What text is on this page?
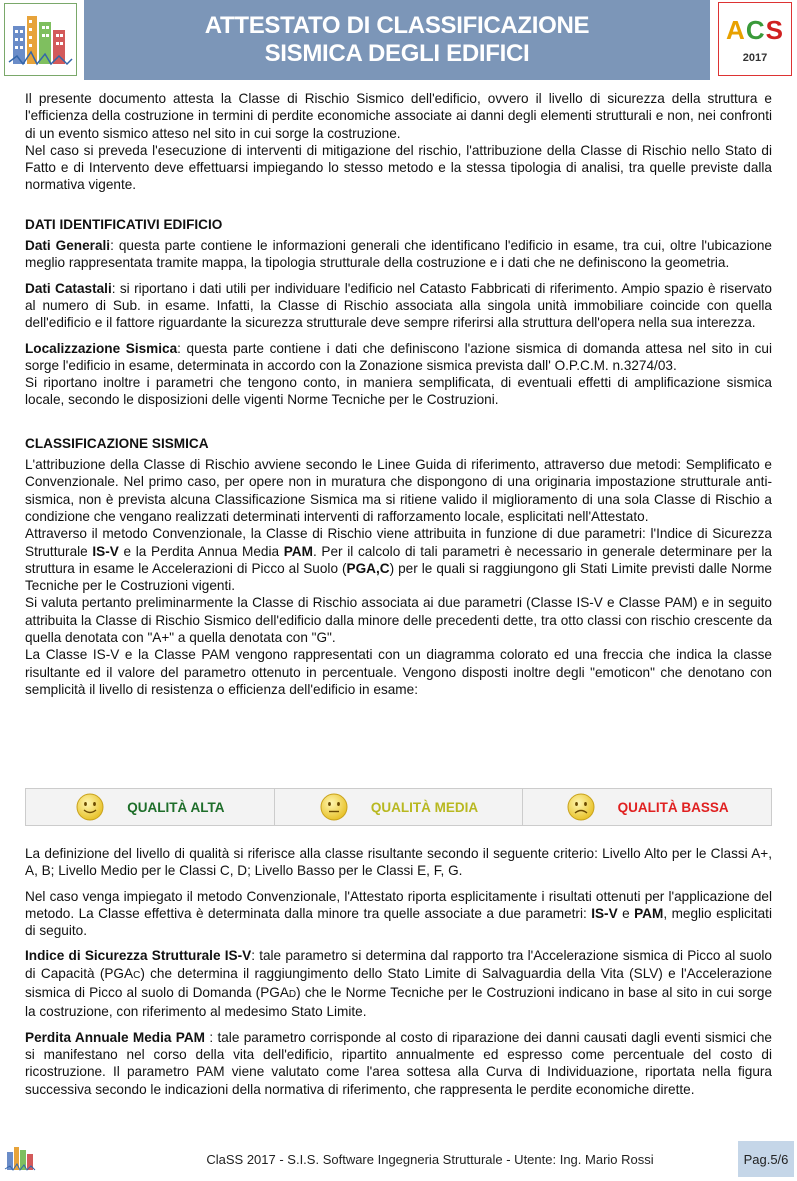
ATTESTATO DI CLASSIFICAZIONE
SISMICA DEGLI EDIFICI
ACS
2017

Il presente documento attesta la Classe di Rischio Sismico dell'edificio, ovvero il livello di sicurezza della struttura e l'efficienza della costruzione in termini di perdite economiche associate ai danni degli elementi strutturali e non, nei confronti di un evento sismico atteso nel sito in cui sorge la costruzione.

Nel caso si preveda l'esecuzione di interventi di mitigazione del rischio, l'attribuzione della Classe di Rischio nello Stato di Fatto e di Intervento deve effettuarsi impiegando lo stesso metodo e la stessa tipologia di analisi, tra quelle previste dalla normativa vigente.

DATI IDENTIFICATIVI EDIFICIO

Dati Generali: questa parte contiene le informazioni generali che identificano l'edificio in esame, tra cui, oltre l'ubicazione meglio rappresentata tramite mappa, la tipologia strutturale della costruzione e i dati che ne definiscono la geometria.

Dati Catastali: si riportano i dati utili per individuare l'edificio nel Catasto Fabbricati di riferimento. Ampio spazio è riservato al numero di Sub. in esame. Infatti, la Classe di Rischio associata alla singola unità immobiliare coincide con quella dell'edificio e il fattore riguardante la sicurezza strutturale deve sempre riferirsi alla struttura dell'opera nella sua interezza.

Localizzazione Sismica: questa parte contiene i dati che definiscono l'azione sismica di domanda attesa nel sito in cui sorge l'edificio in esame, determinata in accordo con la Zonazione sismica prevista dall' O.P.C.M. n.3274/03.

Si riportano inoltre i parametri che tengono conto, in maniera semplificata, di eventuali effetti di amplificazione sismica locale, secondo le disposizioni delle vigenti Norme Tecniche per le Costruzioni.

CLASSIFICAZIONE SISMICA

L'attribuzione della Classe di Rischio avviene secondo le Linee Guida di riferimento, attraverso due metodi: Semplificato e Convenzionale. Nel primo caso, per opere non in muratura che dispongono di una originaria impostazione strutturale anti-sismica, non è prevista alcuna Classificazione Sismica ma si ritiene valido il miglioramento di una sola Classe di Rischio a condizione che vengano realizzati determinati interventi di rafforzamento locale, esplicitati nell'Attestato.

Attraverso il metodo Convenzionale, la Classe di Rischio viene attribuita in funzione di due parametri: l'Indice di Sicurezza Strutturale IS-V e la Perdita Annua Media PAM. Per il calcolo di tali parametri è necessario in generale determinare per la struttura in esame le Accelerazioni di Picco al Suolo (PGA,C) per le quali si raggiungono gli Stati Limite previsti dalle Norme Tecniche per le Costruzioni vigenti.

Si valuta pertanto preliminarmente la Classe di Rischio associata ai due parametri (Classe IS-V e Classe PAM) e in seguito attribuita la Classe di Rischio Sismico dell'edificio dalla minore delle precedenti dette, tra otto classi con rischio crescente da quella denotata con "A+" a quella denotata con "G".

La Classe IS-V e la Classe PAM vengono rappresentati con un diagramma colorato ed una freccia che indica la classe risultante ed il valore del parametro ottenuto in percentuale. Vengono disposti inoltre degli "emoticon" che denotano con semplicità il livello di resistenza o efficienza dell'edificio in esame:

QUALITÀ ALTA	QUALITÀ MEDIA	QUALITÀ BASSA

La definizione del livello di qualità si riferisce alla classe risultante secondo il seguente criterio: Livello Alto per le Classi A+, A, B; Livello Medio per le Classi C, D; Livello Basso per le Classi E, F, G.

Nel caso venga impiegato il metodo Convenzionale, l'Attestato riporta esplicitamente i risultati ottenuti per l'applicazione del metodo. La Classe effettiva è determinata dalla minore tra quelle associate a due parametri: IS-V e PAM, meglio esplicitati di seguito.

Indice di Sicurezza Strutturale IS-V: tale parametro si determina dal rapporto tra l'Accelerazione sismica di Picco al suolo di Capacità (PGAC) che determina il raggiungimento dello Stato Limite di Salvaguardia della Vita (SLV) e l'Accelerazione sismica di Picco al suolo di Domanda (PGAD) che le Norme Tecniche per le Costruzioni indicano in base al sito in cui sorge la costruzione, con riferimento al medesimo Stato Limite.

Perdita Annuale Media PAM : tale parametro corrisponde al costo di riparazione dei danni causati dagli eventi sismici che si manifestano nel corso della vita dell'edificio, ripartito annualmente ed espresso come percentuale del costo di ricostruzione. Il parametro PAM viene valutato come l'area sottesa alla Curva di Individuazione, riportata nella figura successiva secondo le indicazioni della normativa di riferimento, che rappresenta le perdite economiche dirette.

ClaSS 2017 - S.I.S. Software Ingegneria Strutturale - Utente: Ing. Mario Rossi	Pag.5/6
